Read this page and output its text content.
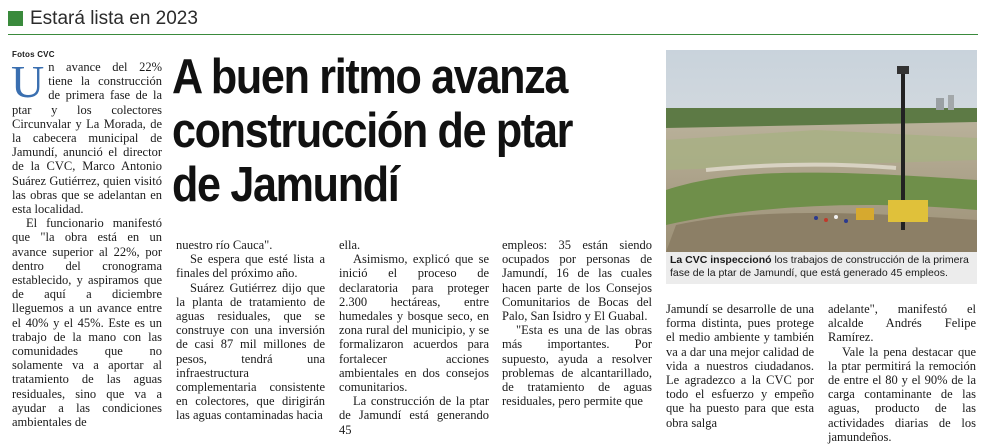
Estará lista en 2023
Fotos CVC

Un avance del 22% tiene la construcción de primera fase de la ptar y los colectores Circunvalar y La Morada, de la cabecera municipal de Jamundí, anunció el director de la CVC, Marco Antonio Suárez Gutiérrez, quien visitó las obras que se adelantan en esta localidad.

El funcionario manifestó que "la obra está en un avance superior al 22%, por dentro del cronograma establecido, y aspiramos que de aquí a diciembre lleguemos a un avance entre el 40% y el 45%. Este es un trabajo de la mano con las comunidades que no solamente va a aportar al tratamiento de las aguas residuales, sino que va a ayudar a las condiciones ambientales de

A buen ritmo avanza construcción de ptar de Jamundí

nuestro río Cauca".

Se espera que esté lista a finales del próximo año.

Suárez Gutiérrez dijo que la planta de tratamiento de aguas residuales, que se construye con una inversión de casi 87 mil millones de pesos, tendrá una infraestructura complementaria consistente en colectores, que dirigirán las aguas contaminadas hacia

ella.

Asimismo, explicó que se inició el proceso de declaratoria para proteger 2.300 hectáreas, entre humedales y bosque seco, en zona rural del municipio, y se formalizaron acuerdos para fortalecer acciones ambientales en dos consejos comunitarios.

La construcción de la ptar de Jamundí está generando 45

empleos: 35 están siendo ocupados por personas de Jamundí, 16 de las cuales hacen parte de los Consejos Comunitarios de Bocas del Palo, San Isidro y El Guabal.

"Esta es una de las obras más importantes. Por supuesto, ayuda a resolver problemas de alcantarillado, de tratamiento de aguas residuales, pero permite que

La CVC inspeccionó los trabajos de construcción de la primera fase de la ptar de Jamundí, que está generado 45 empleos.

Jamundí se desarrolle de una forma distinta, pues protege el medio ambiente y también va a dar una mejor calidad de vida a nuestros ciudadanos. Le agradezco a la CVC por todo el esfuerzo y empeño que ha puesto para que esta obra salga

adelante", manifestó el alcalde Andrés Felipe Ramírez.

Vale la pena destacar que la ptar permitirá la remoción de entre el 80 y el 90% de la carga contaminante de las aguas, producto de las actividades diarias de los jamundeños.
